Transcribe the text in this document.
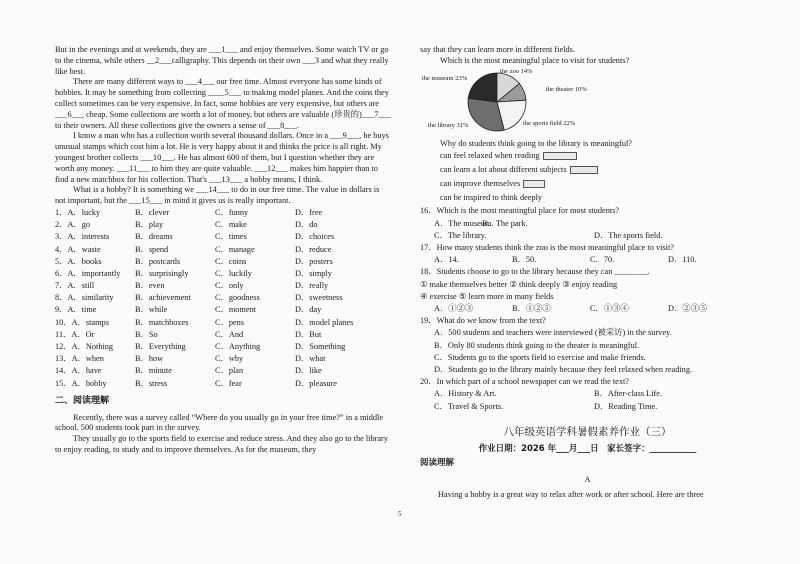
But in the evenings and at weekends, they are ___1___ and enjoy themselves. Some watch TV or go to the cinema, while others __2___calligraphy. This depends on their own ___3 and what they really like best.

There are many different ways to ___4___ our free time. Almost everyone has some kinds of hobbies. It may be something from collecting ____5___ to making model planes. And the coins they collect sometimes can be very expensive. In fact, some hobbies are very expensive, but others are ___6___ cheap. Some collections are worth a lot of money, but others are valuable (珍贵的)___7___ to their owners. All these collections give the owners a sense of ___8___.

I know a man who has a collection worth several thousand dollars. Once in a ___9___, he buys unusual stamps which cost him a lot. He is very happy about it and thinks the price is all right. My youngest brother collects ___10___. He has almost 600 of them, but I question whether they are worth any money. ___11___ to him they are quite valuable. ___12___ makes him happier than to find a new matchbox for his collection. That's ___13___ a hobby means, I think.

What is a hobby? It is something we ___14___ to do in our free time. The value in dollars is not important, but the ___15___ in mind it gives us is really important.

1．A．lucky	B．clever	C．funny	D．free
2．A．go	B．play	C．make	D．do
3．A．interests	B．dreams	C．times	D．choices
4．A．waste	B．spend	C．manage	D．reduce
5．A．books	B．postcards	C．coins	D．posters
6．A．importantly	B．surprisingly	C．luckily	D．simply
7．A．still	B．even	C．only	D．really
8．A．similarity	B．achievement	C．goodness	D．sweetness
9．A．time	B．while	C．moment	D．day
10．A．stamps	B．matchboxes	C．pens	D．model planes
11．A．Or	B．So	C．And	D．But
12．A．Nothing	B．Everything	C．Anything	D．Something
13．A．when	B．how	C．why	D．what
14．A．have	B．minute	C．plan	D．like
15．A．hobby	B．stress	C．fear	D．pleasure
二、阅读理解

Recently, there was a survey called “Where do you usually go in your free time?” in a middle school. 500 students took part in the survey.

They usually go to the sports field to exercise and reduce stress. And they also go to the library to enjoy reading, to study and to improve themselves. As for the museum, they

say that they can learn more in different fields.

Which is the most meaningful place to visit for students?

the museum 23%
the zoo 14%
the theater 10%
the sports field 22%
the library 31%

Why do students think going to the library is meaningful?

can feel relaxed when reading
can learn a lot about different subjects
can improve themselves
can be inspired to think deeply
16．Which is the most meaningful place for most students?
A．The museum.
B．The park.
C．The library.	D．The sports field.
17．How many students think the zoo is the most meaningful place to visit?
A．14.	B．50.	C．70.	D．110.
18．Students choose to go to the library because they can ________.
① make themselves better ② think deeply ③ enjoy reading
④ exercise ⑤ learn more in many fields
A．①②③	B．①②⑤	C．①③④	D．②③⑤
19．What do we know from the text?
A．500 students and teachers were interviewed (被采访) in the survey.
B．Only 80 students think going to the theater is meaningful.
C．Students go to the sports field to exercise and make friends.
D．Students go to the library mainly because they feel relaxed when reading.
20．In which part of a school newspaper can we read the text?
A．History & Art.	B．After-class Life.
C．Travel & Sports.	D．Reading Time.
八年级英语学科暑假素养作业（三）
作业日期：2026 年___月___日　家长签字：___________
阅读理解
A

Having a hobby is a great way to relax after work or after school. Here are three

5
